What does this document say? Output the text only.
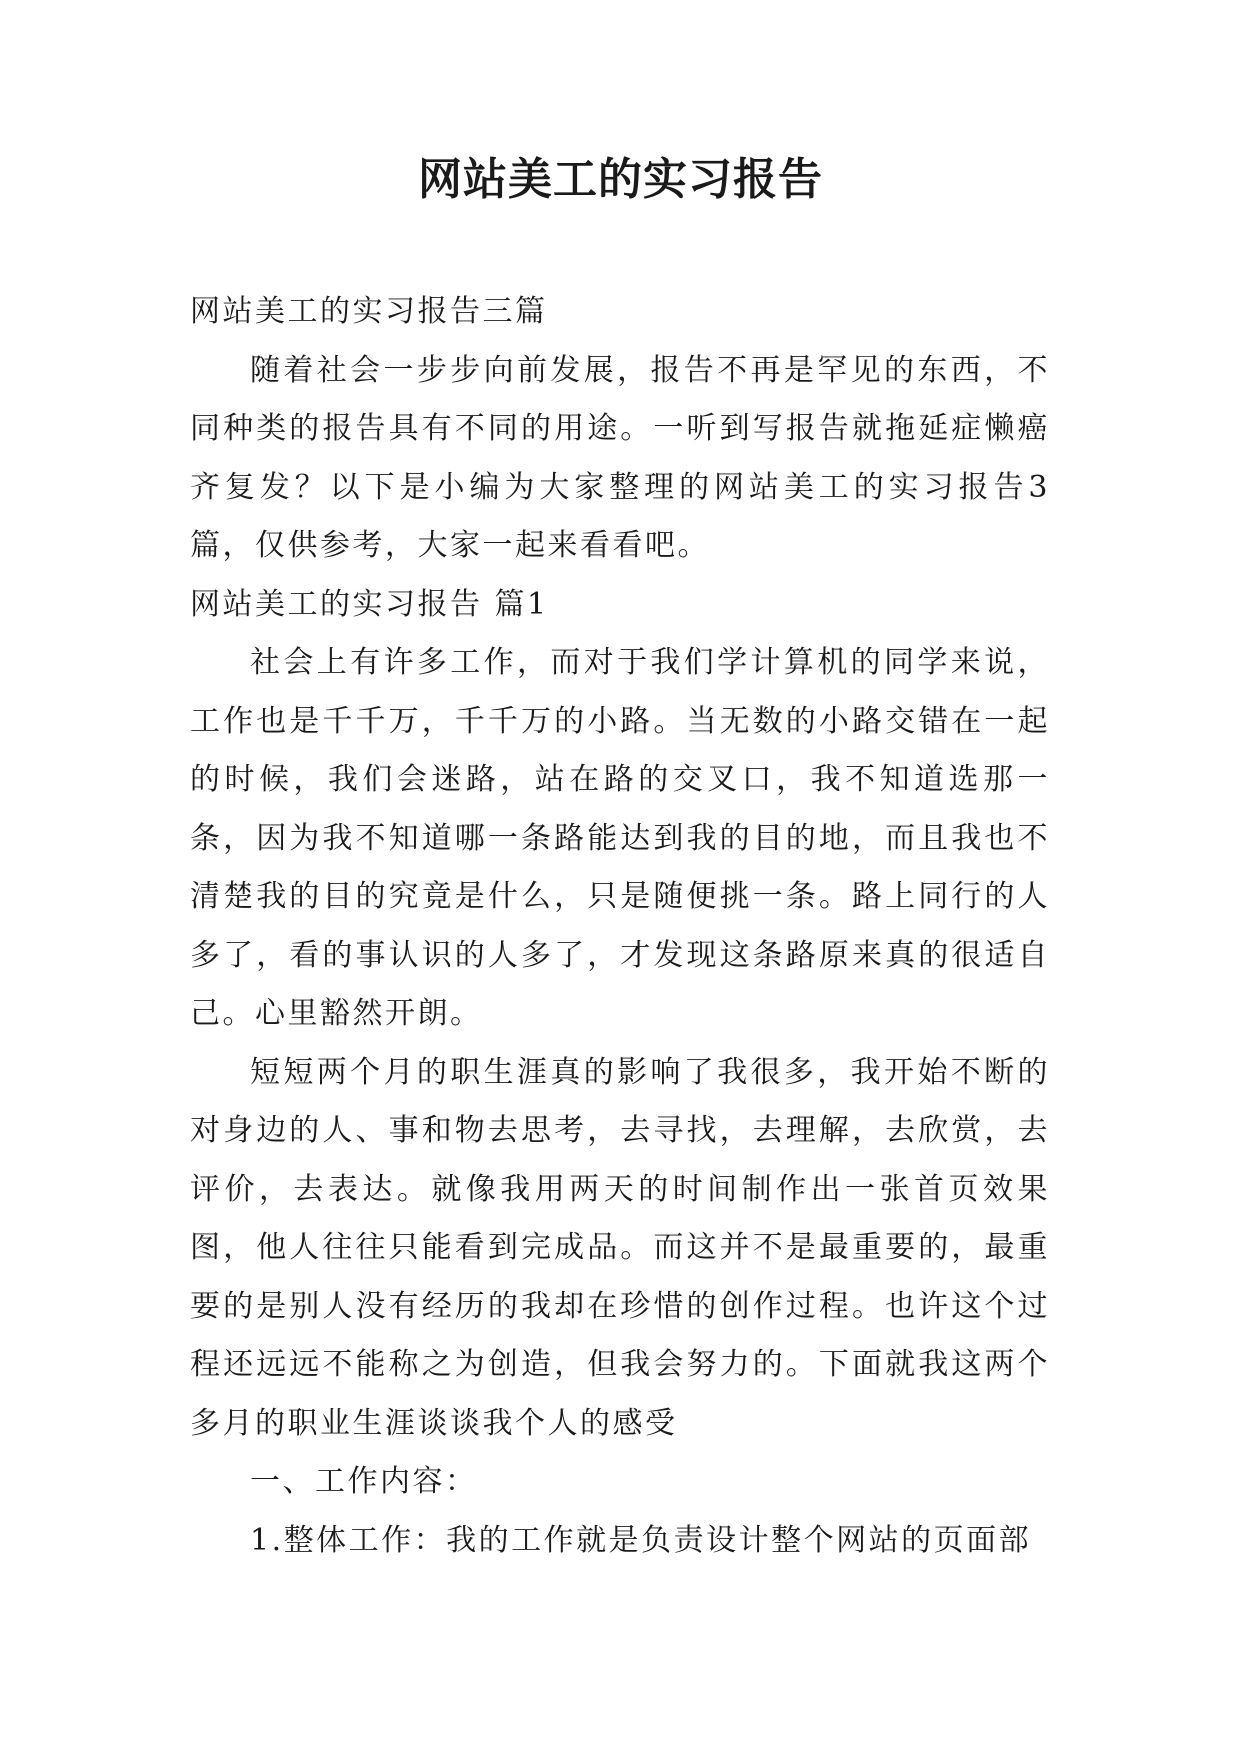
网站美工的实习报告

网站美工的实习报告三篇

随着社会一步步向前发展，报告不再是罕见的东西，不同种类的报告具有不同的用途。一听到写报告就拖延症懒癌齐复发？以下是小编为大家整理的网站美工的实习报告3篇，仅供参考，大家一起来看看吧。

网站美工的实习报告 篇1

社会上有许多工作，而对于我们学计算机的同学来说，工作也是千千万，千千万的小路。当无数的小路交错在一起的时候，我们会迷路，站在路的交叉口，我不知道选那一条，因为我不知道哪一条路能达到我的目的地，而且我也不清楚我的目的究竟是什么，只是随便挑一条。路上同行的人多了，看的事认识的人多了，才发现这条路原来真的很适自己。心里豁然开朗。

短短两个月的职生涯真的影响了我很多，我开始不断的对身边的人、事和物去思考，去寻找，去理解，去欣赏，去评价，去表达。就像我用两天的时间制作出一张首页效果图，他人往往只能看到完成品。而这并不是最重要的，最重要的是别人没有经历的我却在珍惜的创作过程。也许这个过程还远远不能称之为创造，但我会努力的。下面就我这两个多月的职业生涯谈谈我个人的感受

一、工作内容：

1.整体工作：我的工作就是负责设计整个网站的页面部
